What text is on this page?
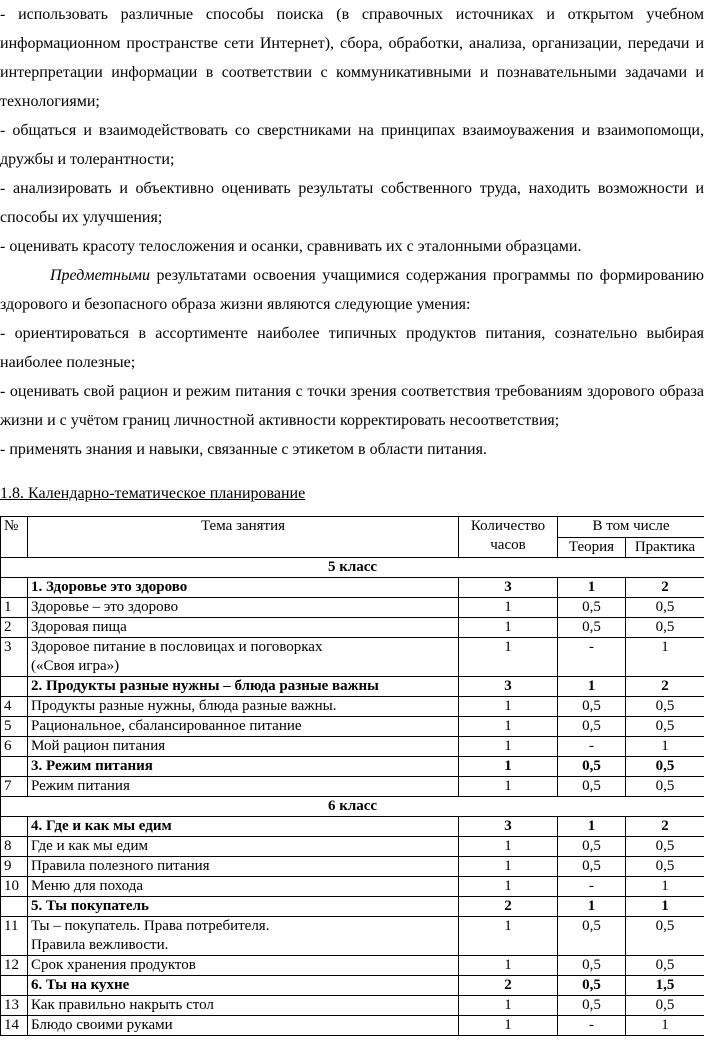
- использовать различные способы поиска (в справочных источниках и открытом учебном информационном пространстве сети Интернет), сбора, обработки, анализа, организации, передачи и интерпретации информации в соответствии с коммуникативными и познавательными задачами и технологиями;

- общаться и взаимодействовать со сверстниками на принципах взаимоуважения и взаимопомощи, дружбы и толерантности;

- анализировать и объективно оценивать результаты собственного труда, находить возможности и способы их улучшения;

- оценивать красоту телосложения и осанки, сравнивать их с эталонными образцами.

Предметными результатами освоения учащимися содержания программы по формированию здорового и безопасного образа жизни являются следующие умения:

- ориентироваться в ассортименте наиболее типичных продуктов питания, сознательно выбирая наиболее полезные;

- оценивать свой рацион и режим питания с точки зрения соответствия требованиям здорового образа жизни и с учётом границ личностной активности корректировать несоответствия;

- применять знания и навыки, связанные с этикетом в области питания.

1.8. Календарно-тематическое планирование

№	Тема занятия	Количество часов	В том числе	
			Теория	Практика
5 класс				
	1. Здоровье это здорово	3	1	2
1	Здоровье – это здорово	1	0,5	0,5
2	Здоровая пища	1	0,5	0,5
3	Здоровое питание в пословицах и поговорках («Своя игра»)	1	-	1
	2. Продукты разные нужны – блюда разные важны	3	1	2
4	Продукты разные нужны, блюда разные важны.	1	0,5	0,5
5	Рациональное, сбалансированное питание	1	0,5	0,5
6	Мой рацион питания	1	-	1
	3. Режим питания	1	0,5	0,5
7	Режим питания	1	0,5	0,5
6 класс				
	4. Где и как мы едим	3	1	2
8	Где и как мы едим	1	0,5	0,5
9	Правила полезного питания	1	0,5	0,5
10	Меню для похода	1	-	1
	5. Ты покупатель	2	1	1
11	Ты – покупатель. Права потребителя. Правила вежливости.	1	0,5	0,5
12	Срок хранения продуктов	1	0,5	0,5
	6. Ты на кухне	2	0,5	1,5
13	Как правильно накрыть стол	1	0,5	0,5
14	Блюдо своими руками	1	-	1
